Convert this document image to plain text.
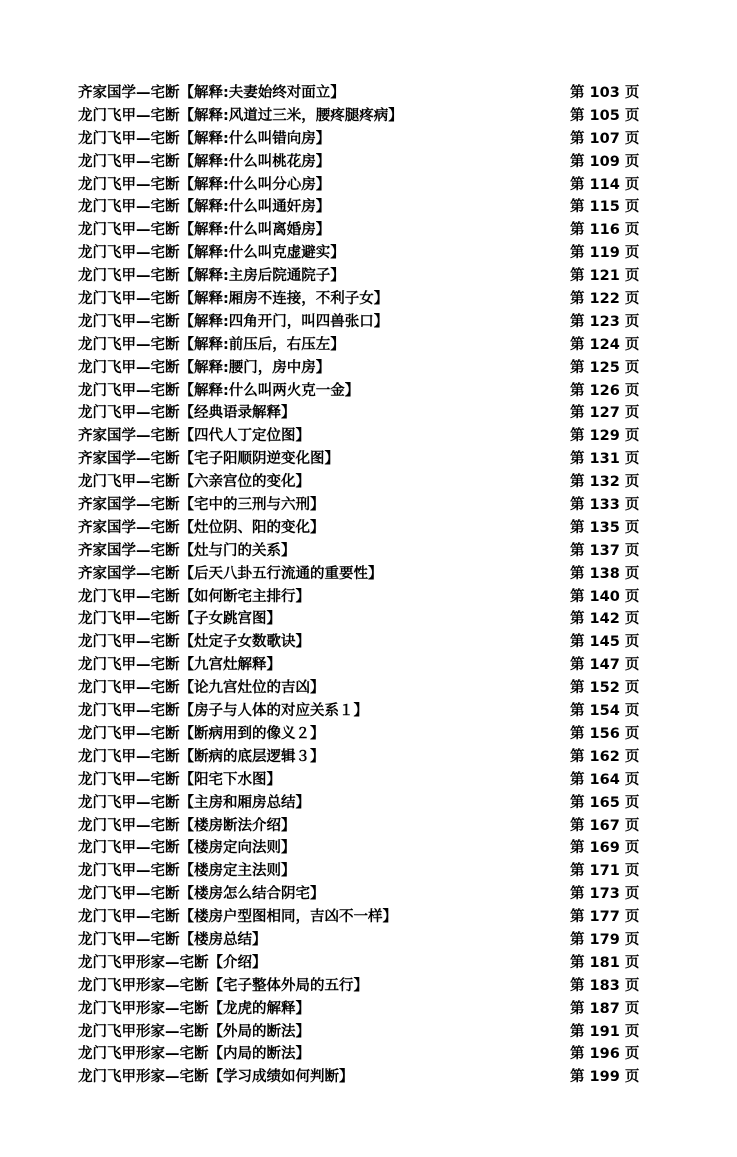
齐家国学—宅断【解释:夫妻始终对面立】	第 103 页
龙门飞甲—宅断【解释:风道过三米，腰疼腿疼病】	第 105 页
龙门飞甲—宅断【解释:什么叫错向房】	第 107 页
龙门飞甲—宅断【解释:什么叫桃花房】	第 109 页
龙门飞甲—宅断【解释:什么叫分心房】	第 114 页
龙门飞甲—宅断【解释:什么叫通奸房】	第 115 页
龙门飞甲—宅断【解释:什么叫离婚房】	第 116 页
龙门飞甲—宅断【解释:什么叫克虚避实】	第 119 页
龙门飞甲—宅断【解释:主房后院通院子】	第 121 页
龙门飞甲—宅断【解释:厢房不连接，不利子女】	第 122 页
龙门飞甲—宅断【解释:四角开门，叫四兽张口】	第 123 页
龙门飞甲—宅断【解释:前压后，右压左】	第 124 页
龙门飞甲—宅断【解释:腰门，房中房】	第 125 页
龙门飞甲—宅断【解释:什么叫两火克一金】	第 126 页
龙门飞甲—宅断【经典语录解释】	第 127 页
齐家国学—宅断【四代人丁定位图】	第 129 页
齐家国学—宅断【宅子阳顺阴逆变化图】	第 131 页
龙门飞甲—宅断【六亲宫位的变化】	第 132 页
齐家国学—宅断【宅中的三刑与六刑】	第 133 页
齐家国学—宅断【灶位阴、阳的变化】	第 135 页
齐家国学—宅断【灶与门的关系】	第 137 页
齐家国学—宅断【后天八卦五行流通的重要性】	第 138 页
龙门飞甲—宅断【如何断宅主排行】	第 140 页
龙门飞甲—宅断【子女跳宫图】	第 142 页
龙门飞甲—宅断【灶定子女数歌诀】	第 145 页
龙门飞甲—宅断【九宫灶解释】	第 147 页
龙门飞甲—宅断【论九宫灶位的吉凶】	第 152 页
龙门飞甲—宅断【房子与人体的对应关系１】	第 154 页
龙门飞甲—宅断【断病用到的像义２】	第 156 页
龙门飞甲—宅断【断病的底层逻辑３】	第 162 页
龙门飞甲—宅断【阳宅下水图】	第 164 页
龙门飞甲—宅断【主房和厢房总结】	第 165 页
龙门飞甲—宅断【楼房断法介绍】	第 167 页
龙门飞甲—宅断【楼房定向法则】	第 169 页
龙门飞甲—宅断【楼房定主法则】	第 171 页
龙门飞甲—宅断【楼房怎么结合阴宅】	第 173 页
龙门飞甲—宅断【楼房户型图相同，吉凶不一样】	第 177 页
龙门飞甲—宅断【楼房总结】	第 179 页
龙门飞甲形家—宅断【介绍】	第 181 页
龙门飞甲形家—宅断【宅子整体外局的五行】	第 183 页
龙门飞甲形家—宅断【龙虎的解释】	第 187 页
龙门飞甲形家—宅断【外局的断法】	第 191 页
龙门飞甲形家—宅断【内局的断法】	第 196 页
龙门飞甲形家—宅断【学习成绩如何判断】	第 199 页
